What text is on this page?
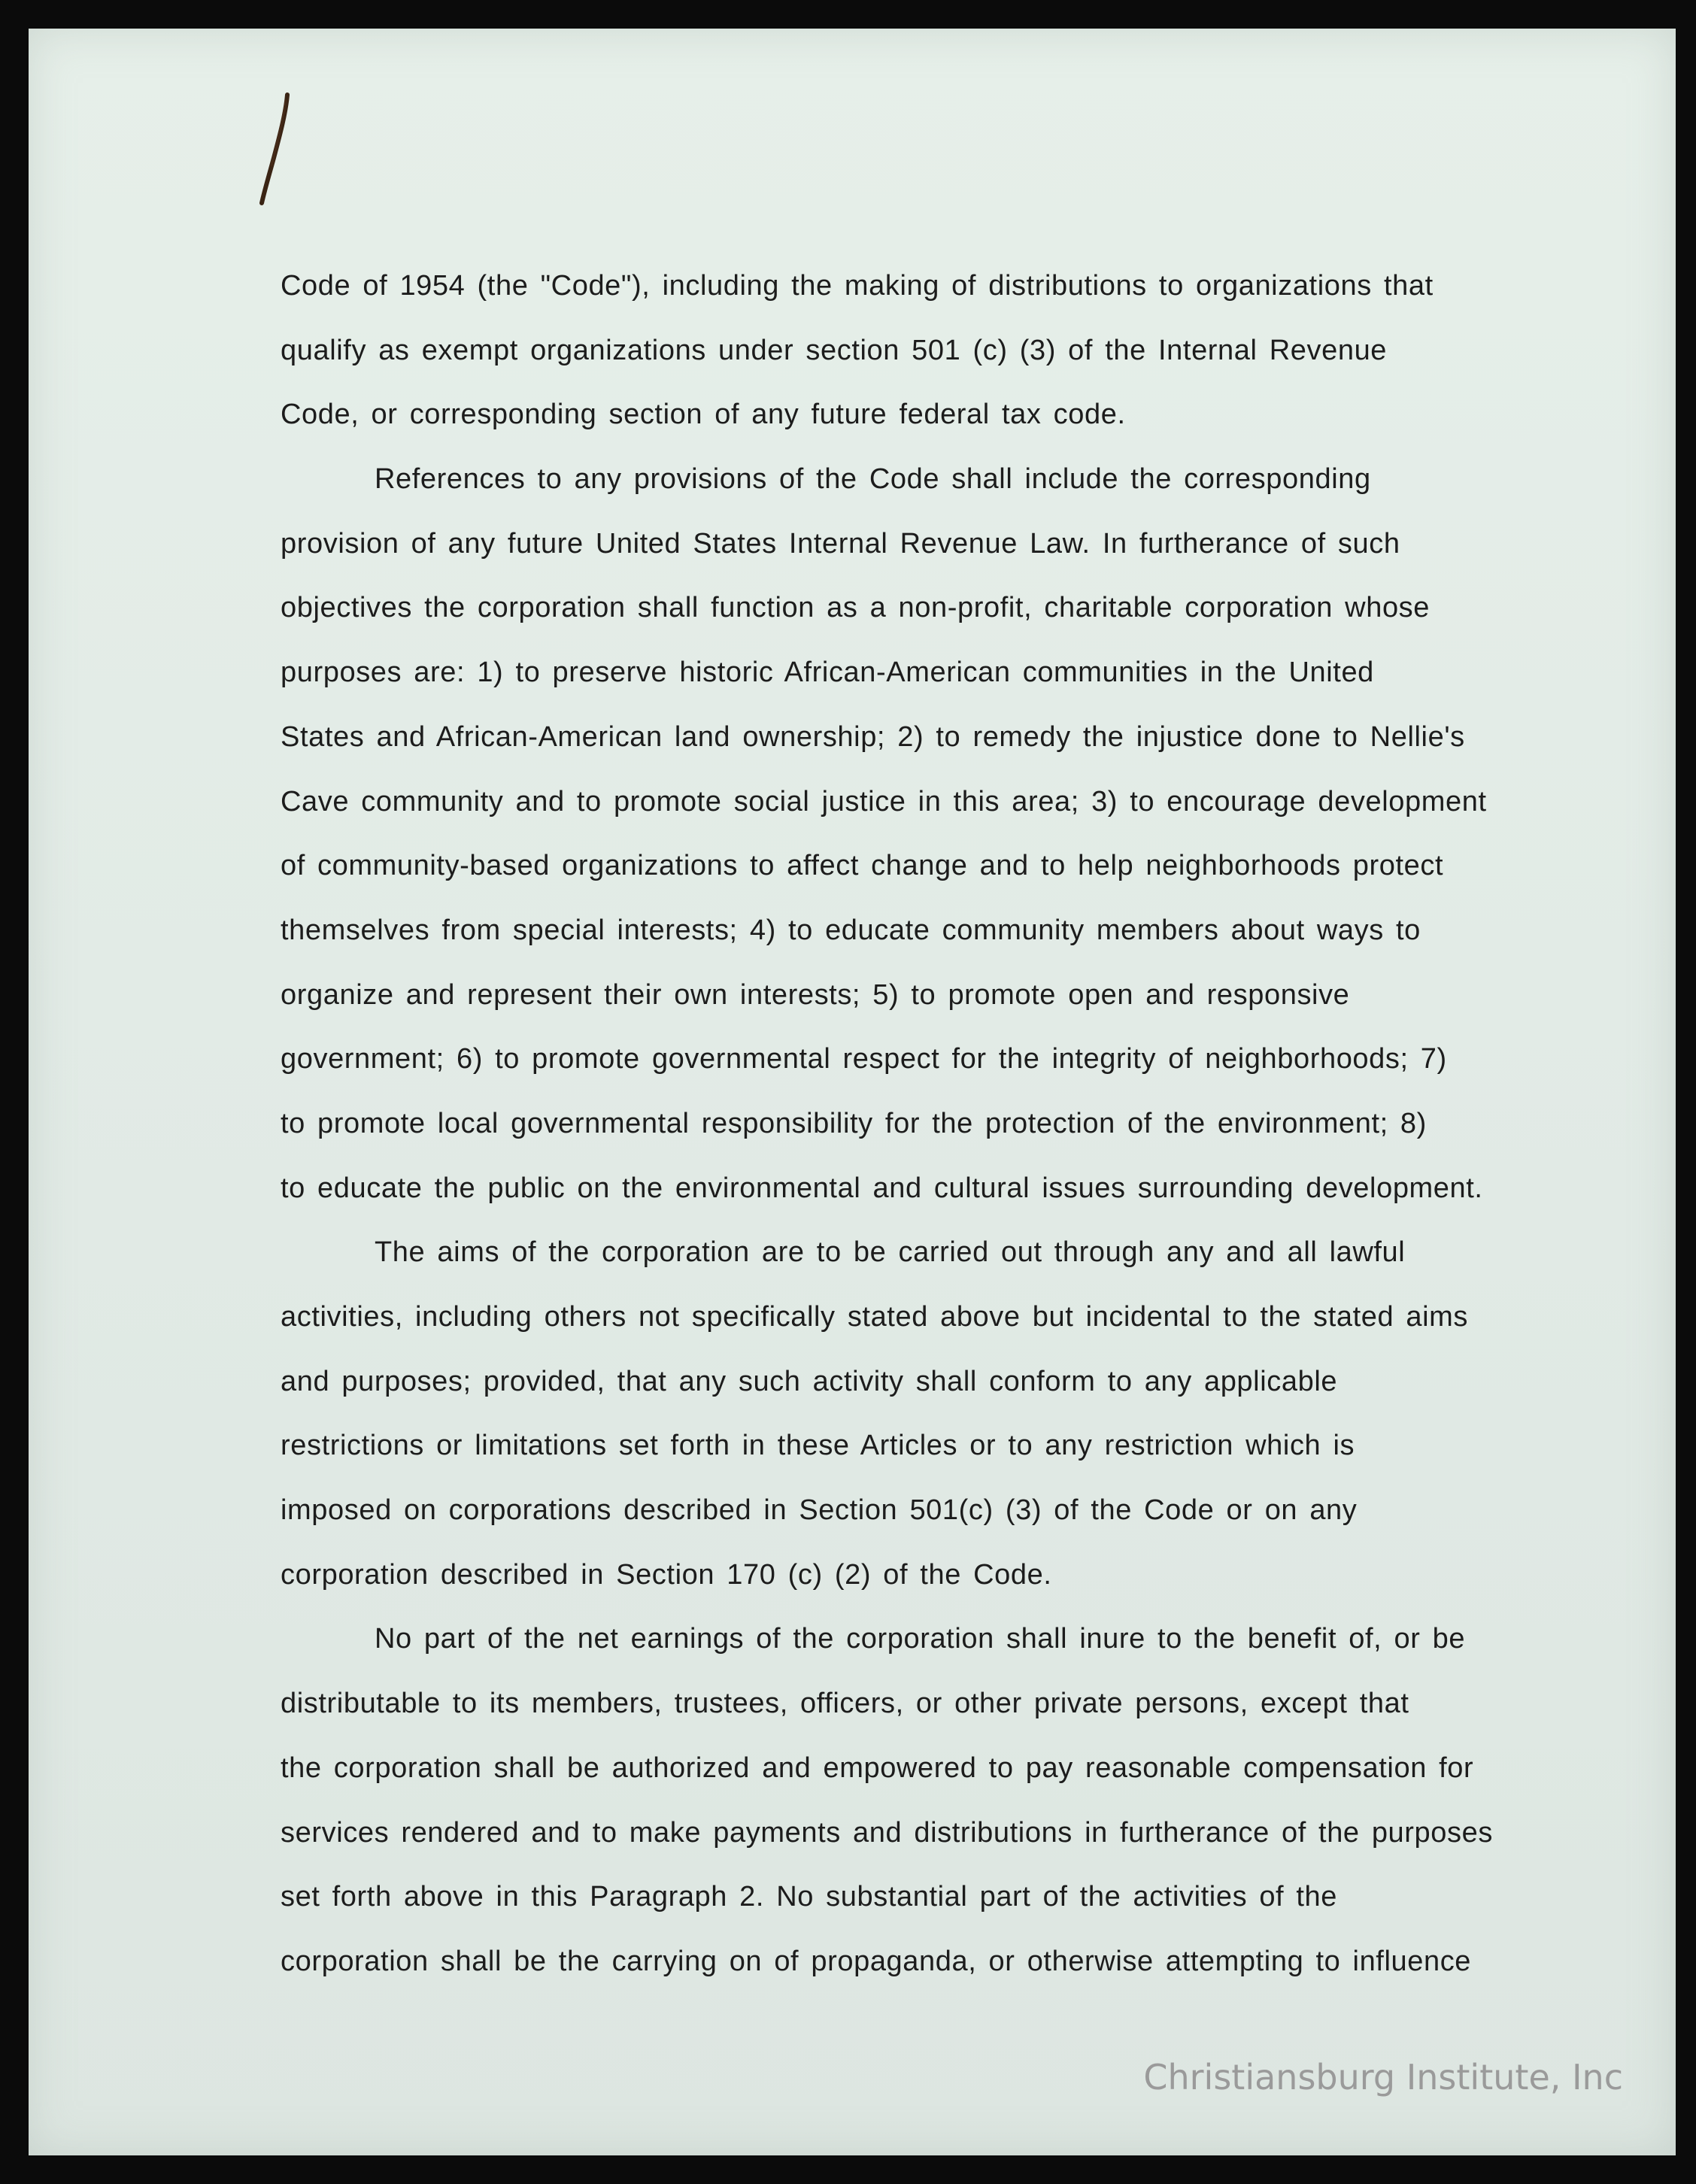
Code of 1954 (the "Code"), including the making of distributions to organizations that
qualify as exempt organizations under section 501 (c) (3) of the Internal Revenue
Code, or corresponding section of any future federal tax code.
References to any provisions of the Code shall include the corresponding
provision of any future United States Internal Revenue Law. In furtherance of such
objectives the corporation shall function as a non-profit, charitable corporation whose
purposes are: 1) to preserve historic African-American communities in the United
States and African-American land ownership; 2) to remedy the injustice done to Nellie's
Cave community and to promote social justice in this area; 3) to encourage development
of community-based organizations to affect change and to help neighborhoods protect
themselves from special interests; 4) to educate community members about ways to
organize and represent their own interests; 5) to promote open and responsive
government; 6) to promote governmental respect for the integrity of neighborhoods; 7)
to promote local governmental responsibility for the protection of the environment; 8)
to educate the public on the environmental and cultural issues surrounding development.
The aims of the corporation are to be carried out through any and all lawful
activities, including others not specifically stated above but incidental to the stated aims
and purposes; provided, that any such activity shall conform to any applicable
restrictions or limitations set forth in these Articles or to any restriction which is
imposed on corporations described in Section 501(c) (3) of the Code or on any
corporation described in Section 170 (c) (2) of the Code.
No part of the net earnings of the corporation shall inure to the benefit of, or be
distributable to its members, trustees, officers, or other private persons, except that
the corporation shall be authorized and empowered to pay reasonable compensation for
services rendered and to make payments and distributions in furtherance of the purposes
set forth above in this Paragraph 2. No substantial part of the activities of the
corporation shall be the carrying on of propaganda, or otherwise attempting to influence
Christiansburg Institute, Inc
